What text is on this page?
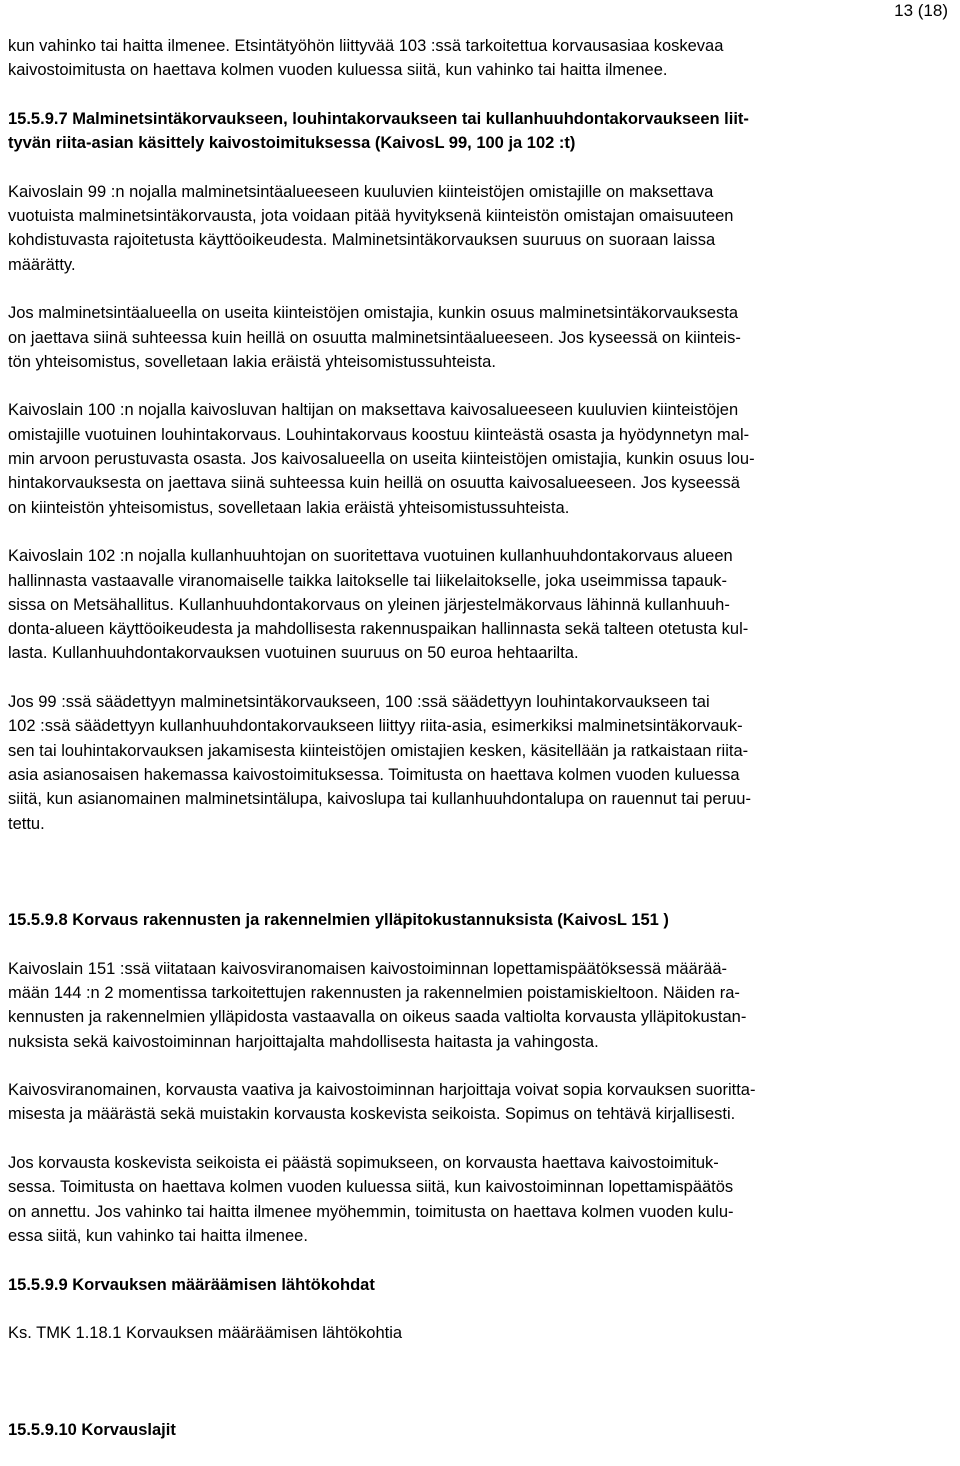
13 (18)
kun vahinko tai haitta ilmenee. Etsintätyöhön liittyvää 103 :ssä tarkoitettua korvausasiaa koskevaa
kaivostoimitusta on haettava kolmen vuoden kuluessa siitä, kun vahinko tai haitta ilmenee.
15.5.9.7 Malminetsintäkorvaukseen, louhintakorvaukseen tai kullanhuuhdontakorvaukseen liit-
tyvän riita-asian käsittely kaivostoimituksessa (KaivosL 99, 100 ja 102 :t)
Kaivoslain 99 :n nojalla malminetsintäalueeseen kuuluvien kiinteistöjen omistajille on maksettava
vuotuista malminetsintäkorvausta, jota voidaan pitää hyvityksenä kiinteistön omistajan omaisuuteen
kohdistuvasta rajoitetusta käyttöoikeudesta. Malminetsintäkorvauksen suuruus on suoraan laissa
määrätty.
Jos malminetsintäalueella on useita kiinteistöjen omistajia, kunkin osuus malminetsintäkorvauksesta
on jaettava siinä suhteessa kuin heillä on osuutta malminetsintäalueeseen. Jos kyseessä on kiinteis-
tön yhteisomistus, sovelletaan lakia eräistä yhteisomistussuhteista.
Kaivoslain 100 :n nojalla kaivosluvan haltijan on maksettava kaivosalueeseen kuuluvien kiinteistöjen
omistajille vuotuinen louhintakorvaus. Louhintakorvaus koostuu kiinteästä osasta ja hyödynnetyn mal-
min arvoon perustuvasta osasta. Jos kaivosalueella on useita kiinteistöjen omistajia, kunkin osuus lou-
hintakorvauksesta on jaettava siinä suhteessa kuin heillä on osuutta kaivosalueeseen. Jos kyseessä
on kiinteistön yhteisomistus, sovelletaan lakia eräistä yhteisomistussuhteista.
Kaivoslain 102 :n nojalla kullanhuuhtojan on suoritettava vuotuinen kullanhuuhdontakorvaus alueen
hallinnasta vastaavalle viranomaiselle taikka laitokselle tai liikelaitokselle, joka useimmissa tapauk-
sissa on Metsähallitus. Kullanhuuhdontakorvaus on yleinen järjestelmäkorvaus lähinnä kullanhuuh-
donta-alueen käyttöoikeudesta ja mahdollisesta rakennuspaikan hallinnasta sekä talteen otetusta kul-
lasta. Kullanhuuhdontakorvauksen vuotuinen suuruus on 50 euroa hehtaarilta.
Jos 99 :ssä säädettyyn malminetsintäkorvaukseen, 100 :ssä säädettyyn louhintakorvaukseen tai
102 :ssä säädettyyn kullanhuuhdontakorvaukseen liittyy riita-asia, esimerkiksi malminetsintäkorvauk-
sen tai louhintakorvauksen jakamisesta kiinteistöjen omistajien kesken, käsitellään ja ratkaistaan riita-
asia asianosaisen hakemassa kaivostoimituksessa. Toimitusta on haettava kolmen vuoden kuluessa
siitä, kun asianomainen malminetsintälupa, kaivoslupa tai kullanhuuhdontalupa on rauennut tai peruu-
tettu.
15.5.9.8 Korvaus rakennusten ja rakennelmien ylläpitokustannuksista (KaivosL 151 )
Kaivoslain 151 :ssä viitataan kaivosviranomaisen kaivostoiminnan lopettamispäätöksessä määrää-
mään 144 :n 2 momentissa tarkoitettujen rakennusten ja rakennelmien poistamiskieltoon. Näiden ra-
kennusten ja rakennelmien ylläpidosta vastaavalla on oikeus saada valtiolta korvausta ylläpitokustan-
nuksista sekä kaivostoiminnan harjoittajalta mahdollisesta haitasta ja vahingosta.
Kaivosviranomainen, korvausta vaativa ja kaivostoiminnan harjoittaja voivat sopia korvauksen suoritta-
misesta ja määrästä sekä muistakin korvausta koskevista seikoista. Sopimus on tehtävä kirjallisesti.
Jos korvausta koskevista seikoista ei päästä sopimukseen, on korvausta haettava kaivostoimituk-
sessa. Toimitusta on haettava kolmen vuoden kuluessa siitä, kun kaivostoiminnan lopettamispäätös
on annettu. Jos vahinko tai haitta ilmenee myöhemmin, toimitusta on haettava kolmen vuoden kulu-
essa siitä, kun vahinko tai haitta ilmenee.
15.5.9.9 Korvauksen määräämisen lähtökohdat
Ks. TMK 1.18.1 Korvauksen määräämisen lähtökohtia
15.5.9.10 Korvauslajit
